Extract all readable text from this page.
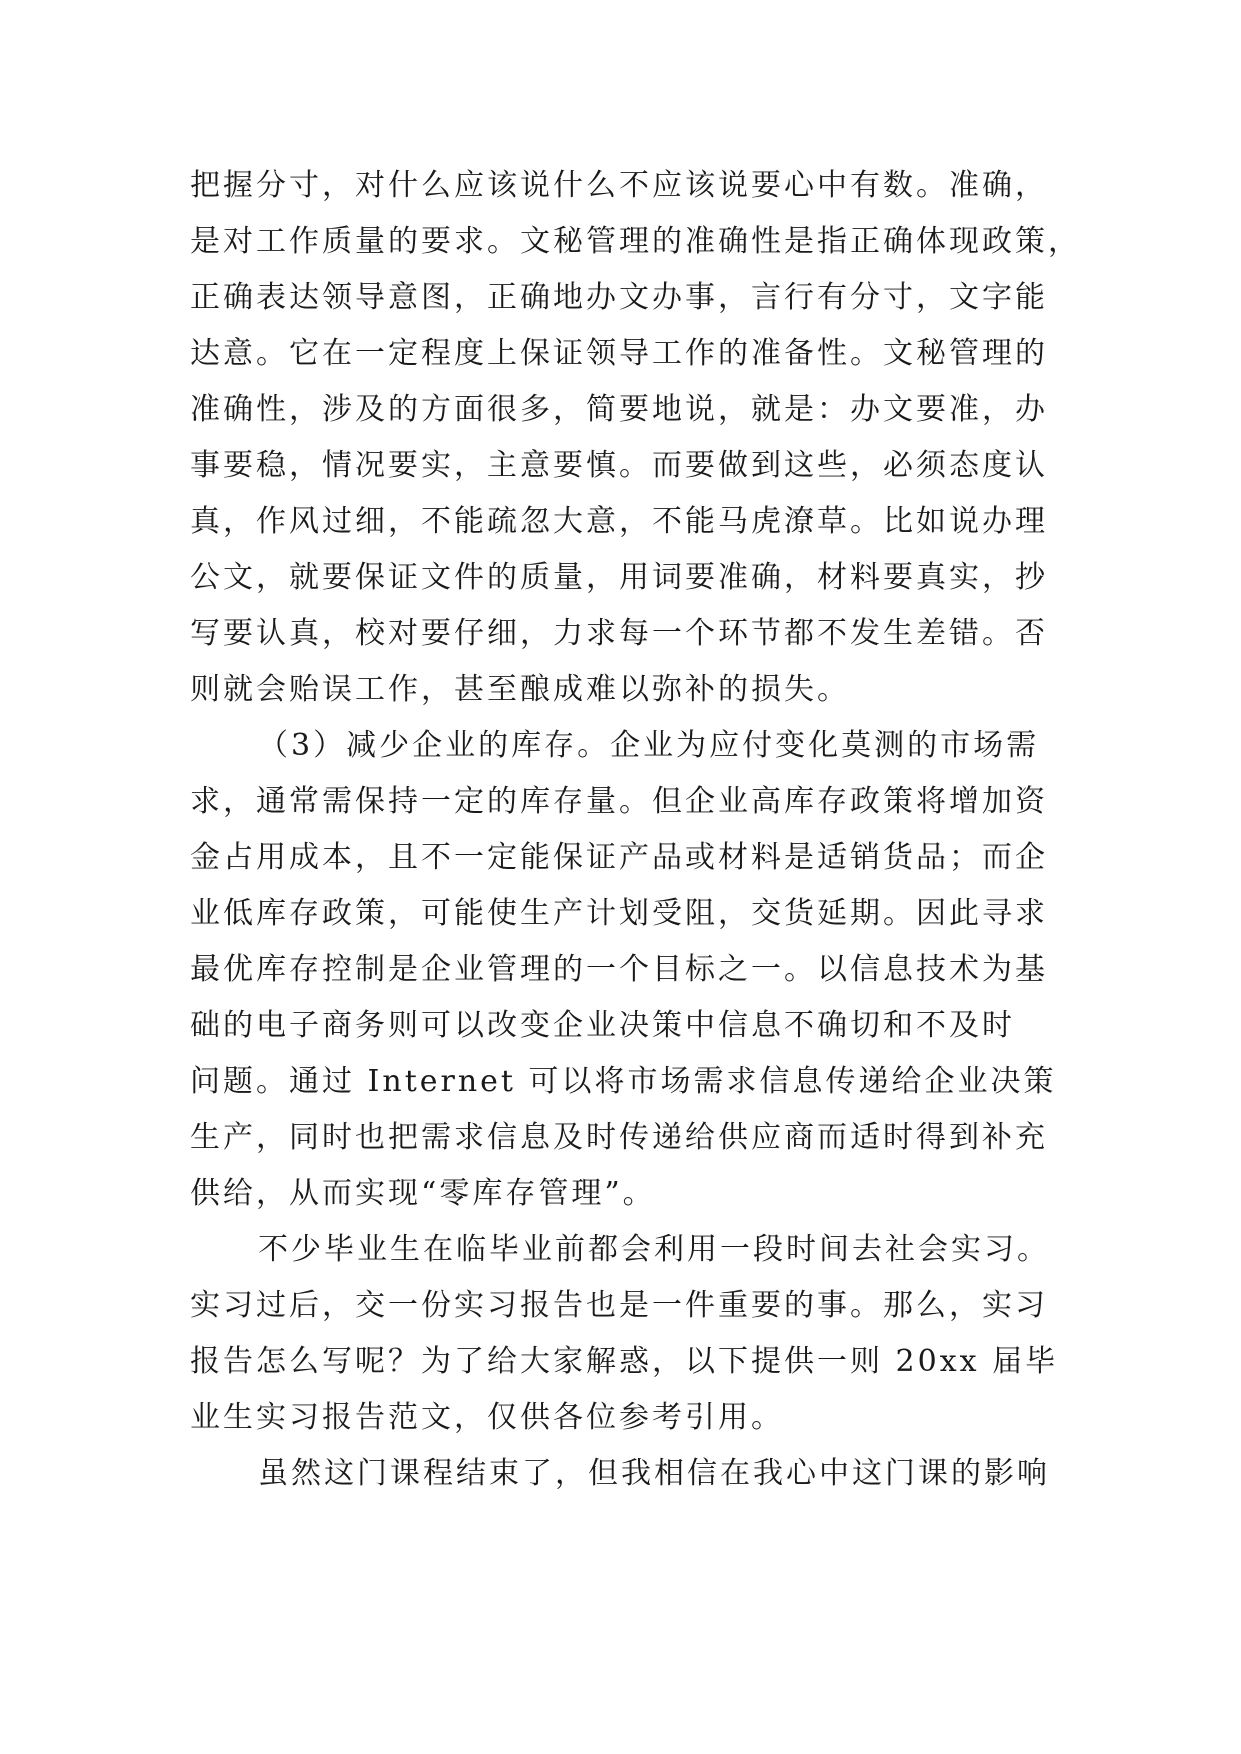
把握分寸，对什么应该说什么不应该说要心中有数。准确，
是对工作质量的要求。文秘管理的准确性是指正确体现政策，
正确表达领导意图，正确地办文办事，言行有分寸，文字能
达意。它在一定程度上保证领导工作的准备性。文秘管理的
准确性，涉及的方面很多，简要地说，就是：办文要准，办
事要稳，情况要实，主意要慎。而要做到这些，必须态度认
真，作风过细，不能疏忽大意，不能马虎潦草。比如说办理
公文，就要保证文件的质量，用词要准确，材料要真实，抄
写要认真，校对要仔细，力求每一个环节都不发生差错。否
则就会贻误工作，甚至酿成难以弥补的损失。
（3）减少企业的库存。企业为应付变化莫测的市场需
求，通常需保持一定的库存量。但企业高库存政策将增加资
金占用成本，且不一定能保证产品或材料是适销货品；而企
业低库存政策，可能使生产计划受阻，交货延期。因此寻求
最优库存控制是企业管理的一个目标之一。以信息技术为基
础的电子商务则可以改变企业决策中信息不确切和不及时
问题。通过 Internet 可以将市场需求信息传递给企业决策
生产，同时也把需求信息及时传递给供应商而适时得到补充
供给，从而实现“零库存管理”。
不少毕业生在临毕业前都会利用一段时间去社会实习。
实习过后，交一份实习报告也是一件重要的事。那么，实习
报告怎么写呢？为了给大家解惑，以下提供一则 20xx 届毕
业生实习报告范文，仅供各位参考引用。
虽然这门课程结束了，但我相信在我心中这门课的影响
